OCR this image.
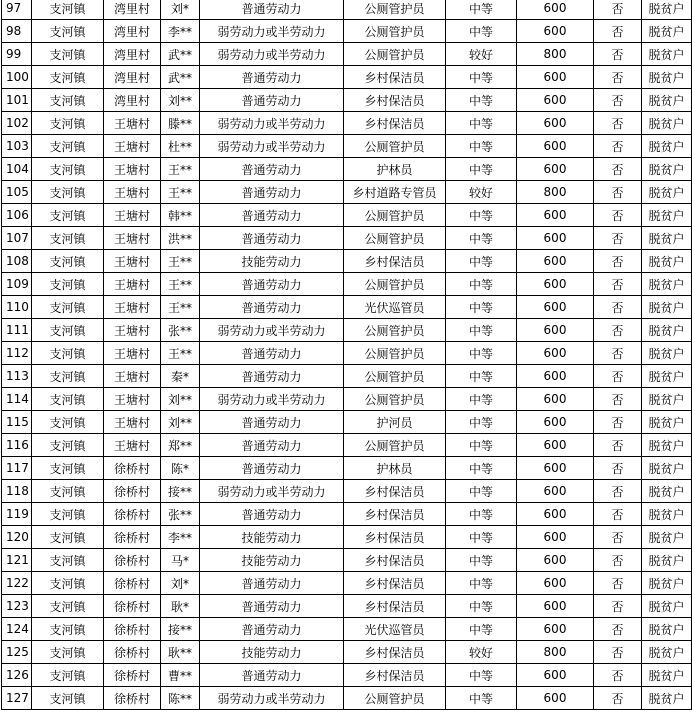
97	支河镇	湾里村	刘*	普通劳动力	公厕管护员	中等	600	否	脱贫户
98	支河镇	湾里村	李**	弱劳动力或半劳动力	公厕管护员	中等	600	否	脱贫户
99	支河镇	湾里村	武**	弱劳动力或半劳动力	公厕管护员	较好	800	否	脱贫户
100	支河镇	湾里村	武**	普通劳动力	乡村保洁员	中等	600	否	脱贫户
101	支河镇	湾里村	刘**	普通劳动力	乡村保洁员	中等	600	否	脱贫户
102	支河镇	王塘村	滕**	弱劳动力或半劳动力	乡村保洁员	中等	600	否	脱贫户
103	支河镇	王塘村	杜**	弱劳动力或半劳动力	公厕管护员	中等	600	否	脱贫户
104	支河镇	王塘村	王**	普通劳动力	护林员	中等	600	否	脱贫户
105	支河镇	王塘村	王**	普通劳动力	乡村道路专管员	较好	800	否	脱贫户
106	支河镇	王塘村	韩**	普通劳动力	公厕管护员	中等	600	否	脱贫户
107	支河镇	王塘村	洪**	普通劳动力	公厕管护员	中等	600	否	脱贫户
108	支河镇	王塘村	王**	技能劳动力	乡村保洁员	中等	600	否	脱贫户
109	支河镇	王塘村	王**	普通劳动力	公厕管护员	中等	600	否	脱贫户
110	支河镇	王塘村	王**	普通劳动力	光伏巡管员	中等	600	否	脱贫户
111	支河镇	王塘村	张**	弱劳动力或半劳动力	公厕管护员	中等	600	否	脱贫户
112	支河镇	王塘村	王**	普通劳动力	公厕管护员	中等	600	否	脱贫户
113	支河镇	王塘村	秦*	普通劳动力	公厕管护员	中等	600	否	脱贫户
114	支河镇	王塘村	刘**	弱劳动力或半劳动力	公厕管护员	中等	600	否	脱贫户
115	支河镇	王塘村	刘**	普通劳动力	护河员	中等	600	否	脱贫户
116	支河镇	王塘村	郑**	普通劳动力	公厕管护员	中等	600	否	脱贫户
117	支河镇	徐桥村	陈*	普通劳动力	护林员	中等	600	否	脱贫户
118	支河镇	徐桥村	接**	弱劳动力或半劳动力	乡村保洁员	中等	600	否	脱贫户
119	支河镇	徐桥村	张**	普通劳动力	乡村保洁员	中等	600	否	脱贫户
120	支河镇	徐桥村	李**	技能劳动力	乡村保洁员	中等	600	否	脱贫户
121	支河镇	徐桥村	马*	技能劳动力	乡村保洁员	中等	600	否	脱贫户
122	支河镇	徐桥村	刘*	普通劳动力	乡村保洁员	中等	600	否	脱贫户
123	支河镇	徐桥村	耿*	普通劳动力	乡村保洁员	中等	600	否	脱贫户
124	支河镇	徐桥村	接**	普通劳动力	光伏巡管员	中等	600	否	脱贫户
125	支河镇	徐桥村	耿**	技能劳动力	乡村保洁员	较好	800	否	脱贫户
126	支河镇	徐桥村	曹**	普通劳动力	乡村保洁员	中等	600	否	脱贫户
127	支河镇	徐桥村	陈**	弱劳动力或半劳动力	公厕管护员	中等	600	否	脱贫户
